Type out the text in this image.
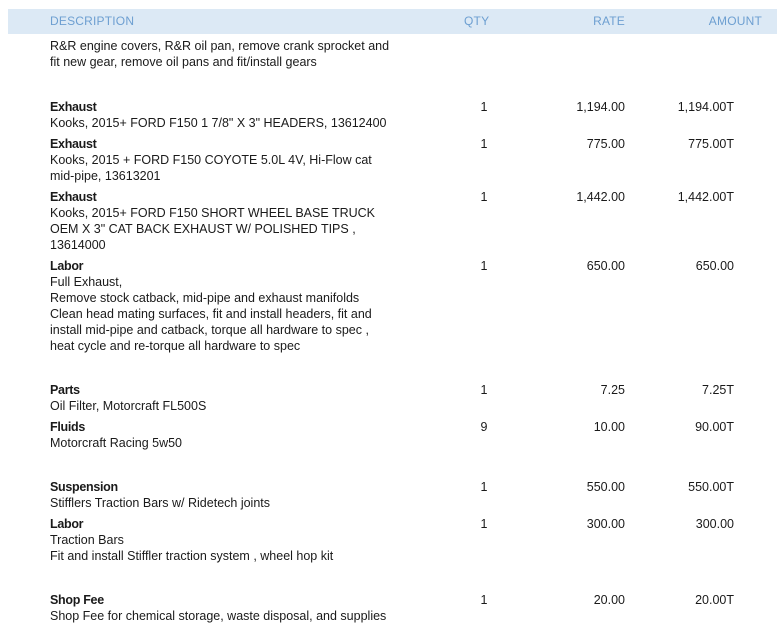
DESCRIPTION	QTY	RATE	AMOUNT
R&R engine covers, R&R oil pan, remove crank sprocket and
fit new gear, remove oil pans and fit/install gears
Exhaust
Kooks, 2015+ FORD F150 1 7/8" X 3" HEADERS, 13612400
1	1,194.00	1,194.00T
Exhaust
Kooks, 2015 + FORD F150 COYOTE 5.0L 4V, Hi-Flow cat
mid-pipe, 13613201
1	775.00	775.00T
Exhaust
Kooks, 2015+ FORD F150 SHORT WHEEL BASE TRUCK
OEM X 3" CAT BACK EXHAUST W/ POLISHED TIPS ,
13614000
1	1,442.00	1,442.00T
Labor
Full Exhaust,
Remove stock catback, mid-pipe and exhaust manifolds
Clean head mating surfaces, fit and install headers, fit and
install mid-pipe and catback, torque all hardware to spec ,
heat cycle and re-torque all hardware to spec
1	650.00	650.00
Parts
Oil Filter, Motorcraft FL500S
1	7.25	7.25T
Fluids
Motorcraft Racing 5w50
9	10.00	90.00T
Suspension
Stifflers Traction Bars w/ Ridetech joints
1	550.00	550.00T
Labor
Traction Bars
Fit and install Stiffler traction system , wheel hop kit
1	300.00	300.00
Shop Fee
Shop Fee for chemical storage, waste disposal, and supplies
1	20.00	20.00T
